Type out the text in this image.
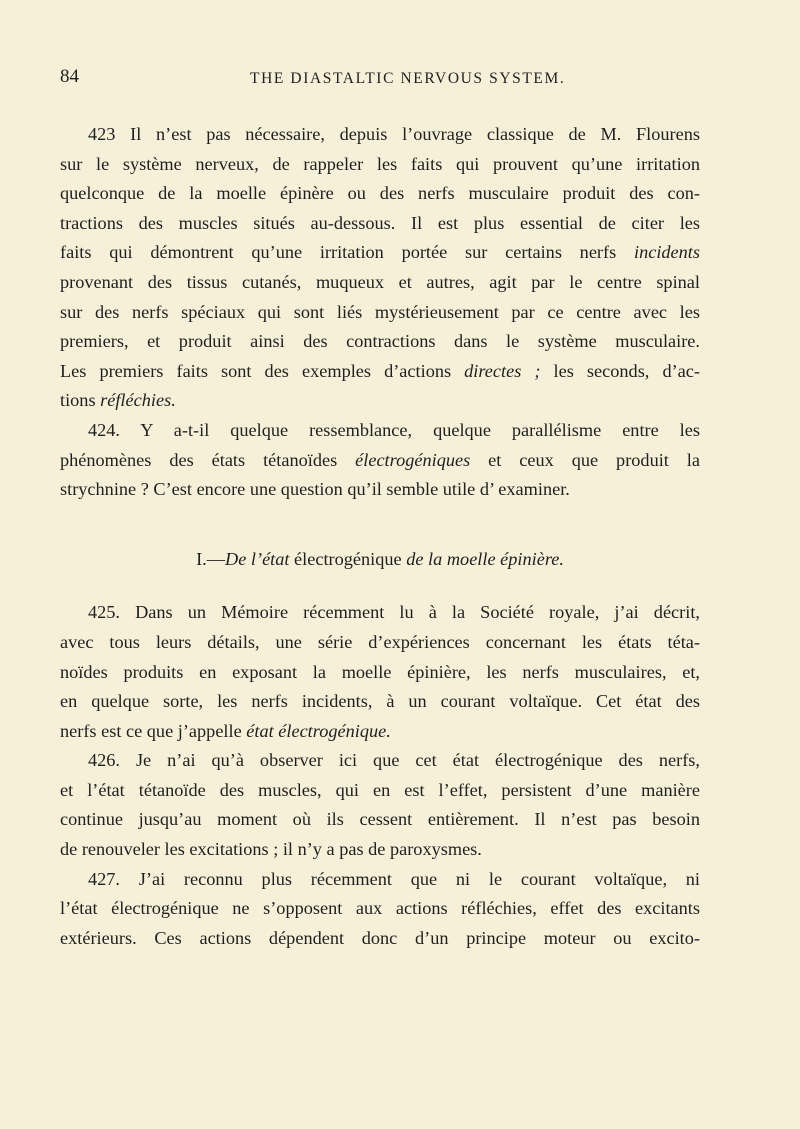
84	THE DIASTALTIC NERVOUS SYSTEM.
423 Il n’est pas nécessaire, depuis l’ouvrage classique de M. Flourens
sur le système nerveux, de rappeler les faits qui prouvent qu’une irritation
quelconque de la moelle épinère ou des nerfs musculaire produit des con-
tractions des muscles situés au-dessous. Il est plus essential de citer les
faits qui démontrent qu’une irritation portée sur certains nerfs incidents
provenant des tissus cutanés, muqueux et autres, agit par le centre spinal
sur des nerfs spéciaux qui sont liés mystérieusement par ce centre avec les
premiers, et produit ainsi des contractions dans le système musculaire.
Les premiers faits sont des exemples d’actions directes ; les seconds, d’ac-
tions réfléchies.
424. Y a-t-il quelque ressemblance, quelque parallélisme entre les
phénomènes des états tétanoïdes électrogéniques et ceux que produit la
strychnine ? C’est encore une question qu’il semble utile d’ examiner.
I.—De l’état électrogénique de la moelle épinière.
425. Dans un Mémoire récemment lu à la Société royale, j’ai décrit,
avec tous leurs détails, une série d’expériences concernant les états téta-
noïdes produits en exposant la moelle épinière, les nerfs musculaires, et,
en quelque sorte, les nerfs incidents, à un courant voltaïque. Cet état des
nerfs est ce que j’appelle état électrogénique.
426. Je n’ai qu’à observer ici que cet état électrogénique des nerfs,
et l’état tétanoïde des muscles, qui en est l’effet, persistent d’une manière
continue jusqu’au moment où ils cessent entièrement. Il n’est pas besoin
de renouveler les excitations ; il n’y a pas de paroxysmes.
427. J’ai reconnu plus récemment que ni le courant voltaïque, ni
l’état électrogénique ne s’opposent aux actions réfléchies, effet des excitants
extérieurs. Ces actions dépendent donc d’un principe moteur ou excito-
